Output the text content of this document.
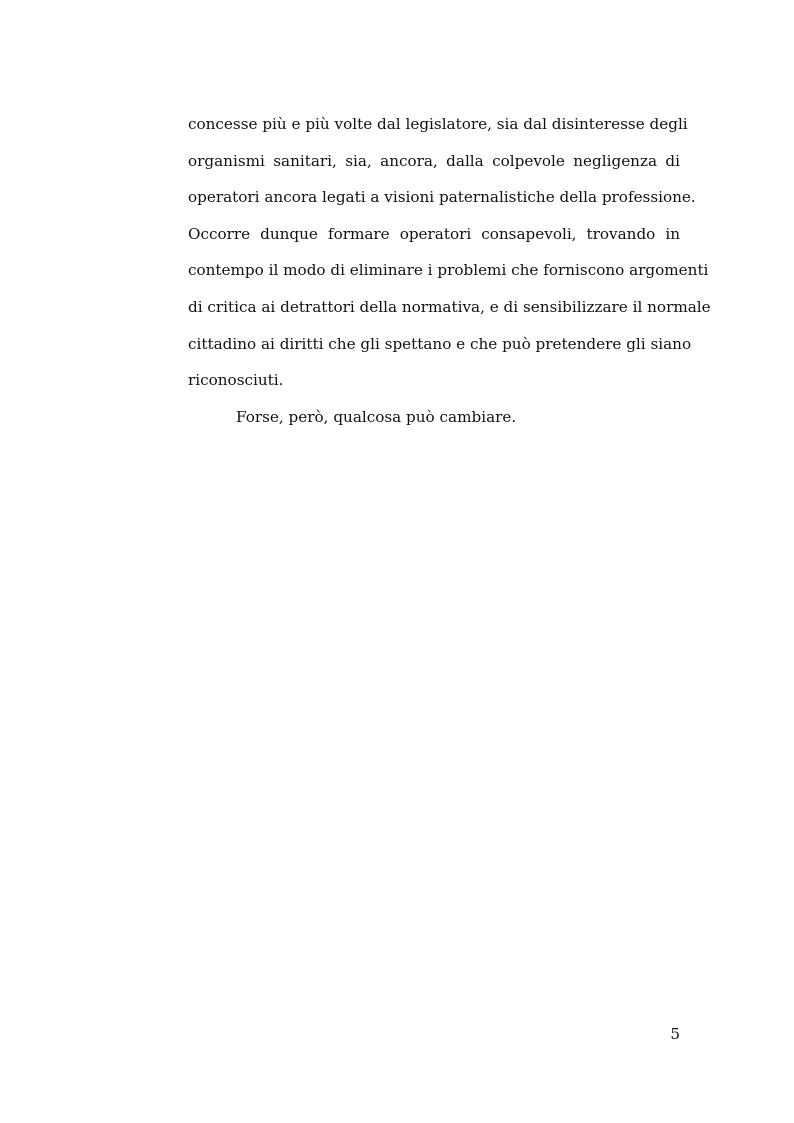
concesse più e più volte dal legislatore, sia dal disinteresse degli
organismi sanitari, sia, ancora, dalla colpevole negligenza di
operatori ancora legati a visioni paternalistiche della professione.
Occorre dunque formare operatori consapevoli, trovando in
contempo il modo di eliminare i problemi che forniscono argomenti
di critica ai detrattori della normativa, e di sensibilizzare il normale
cittadino ai diritti che gli spettano e che può pretendere gli siano
riconosciuti.
Forse, però, qualcosa può cambiare.
5
